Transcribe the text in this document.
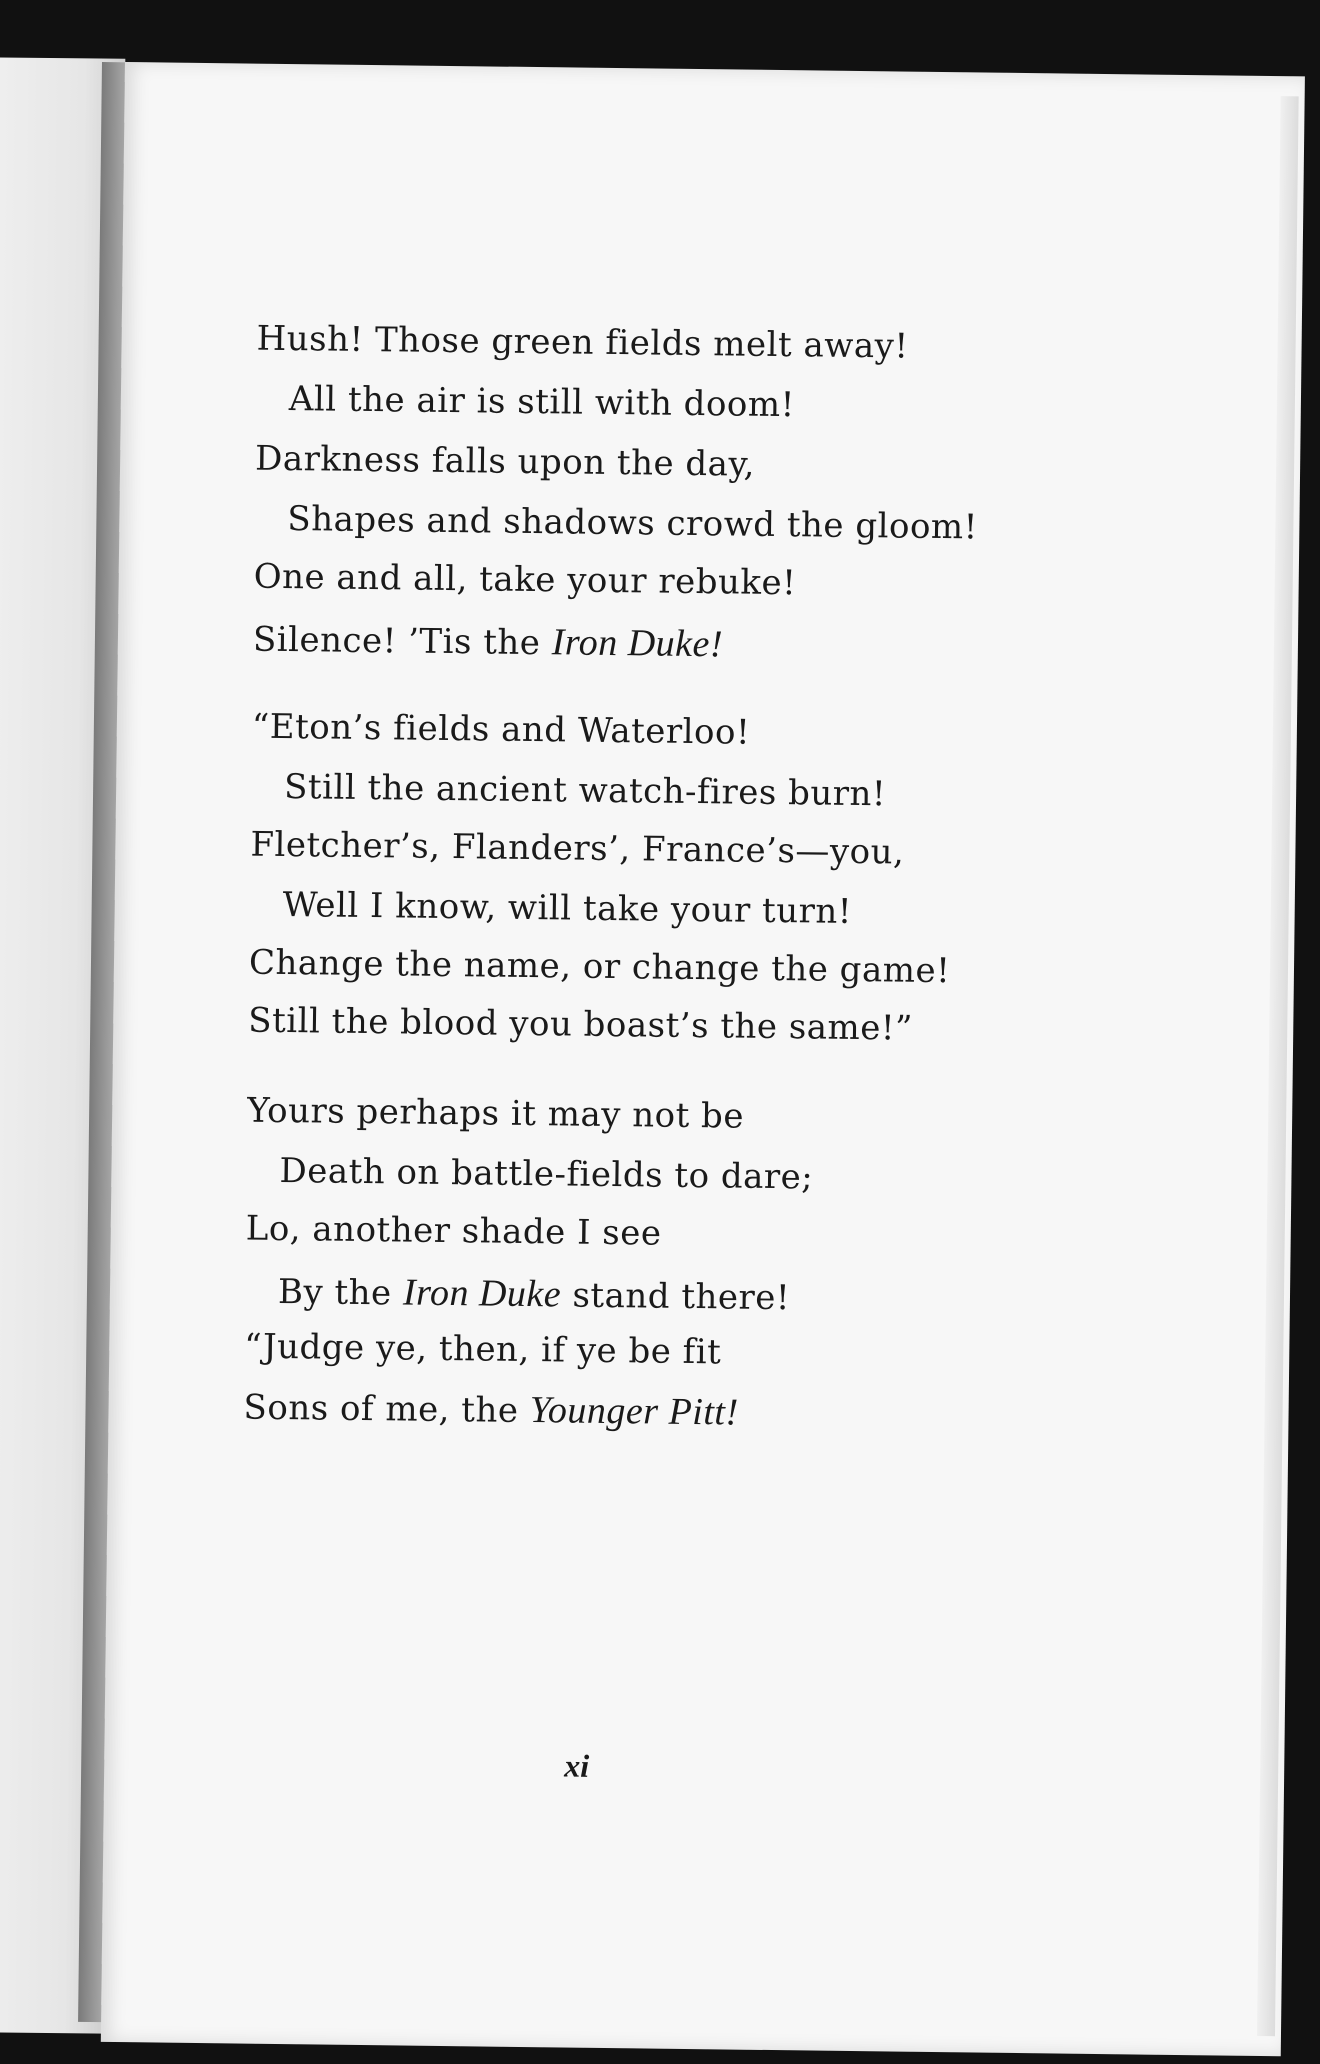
Hush! Those green fields melt away!
All the air is still with doom!
Darkness falls upon the day,
Shapes and shadows crowd the gloom!
One and all, take your rebuke!
Silence! ’Tis the Iron Duke!
“Eton’s fields and Waterloo!
Still the ancient watch-fires burn!
Fletcher’s, Flanders’, France’s—you,
Well I know, will take your turn!
Change the name, or change the game!
Still the blood you boast’s the same!”
Yours perhaps it may not be
Death on battle-fields to dare;
Lo, another shade I see
By the Iron Duke stand there!
“Judge ye, then, if ye be fit
Sons of me, the Younger Pitt!
xi
